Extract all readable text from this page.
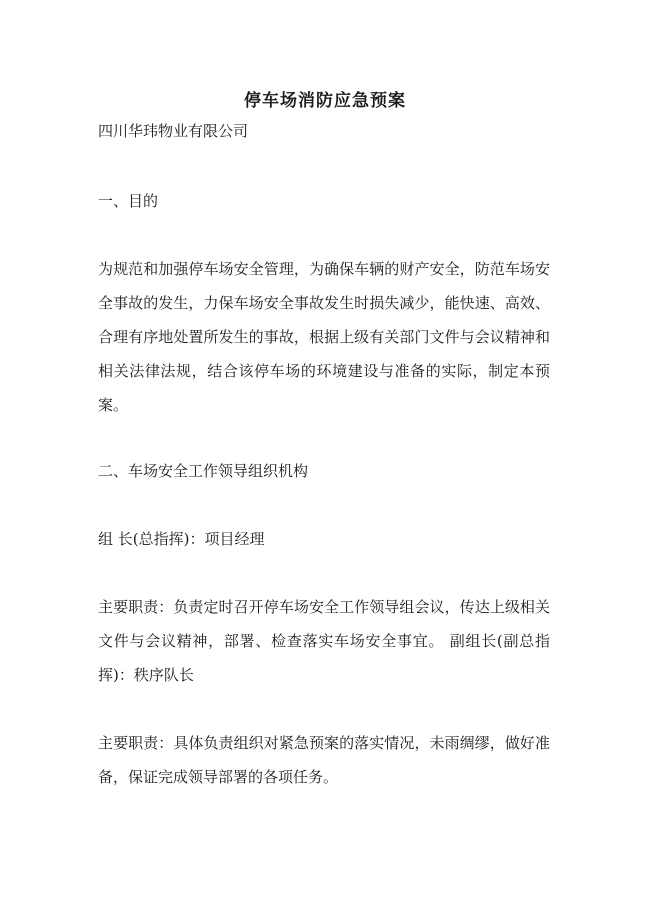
停车场消防应急预案
四川华玮物业有限公司
一、目的
为规范和加强停车场安全管理，为确保车辆的财产安全，防范车场安全事故的发生，力保车场安全事故发生时损失减少，能快速、高效、合理有序地处置所发生的事故，根据上级有关部门文件与会议精神和相关法律法规，结合该停车场的环境建设与准备的实际，制定本预案。
二、车场安全工作领导组织机构
组 长(总指挥)：项目经理
主要职责：负责定时召开停车场安全工作领导组会议，传达上级相关文件与会议精神，部署、检查落实车场安全事宜。 副组长(副总指挥)：秩序队长
主要职责：具体负责组织对紧急预案的落实情况，未雨绸缪，做好准备，保证完成领导部署的各项任务。
